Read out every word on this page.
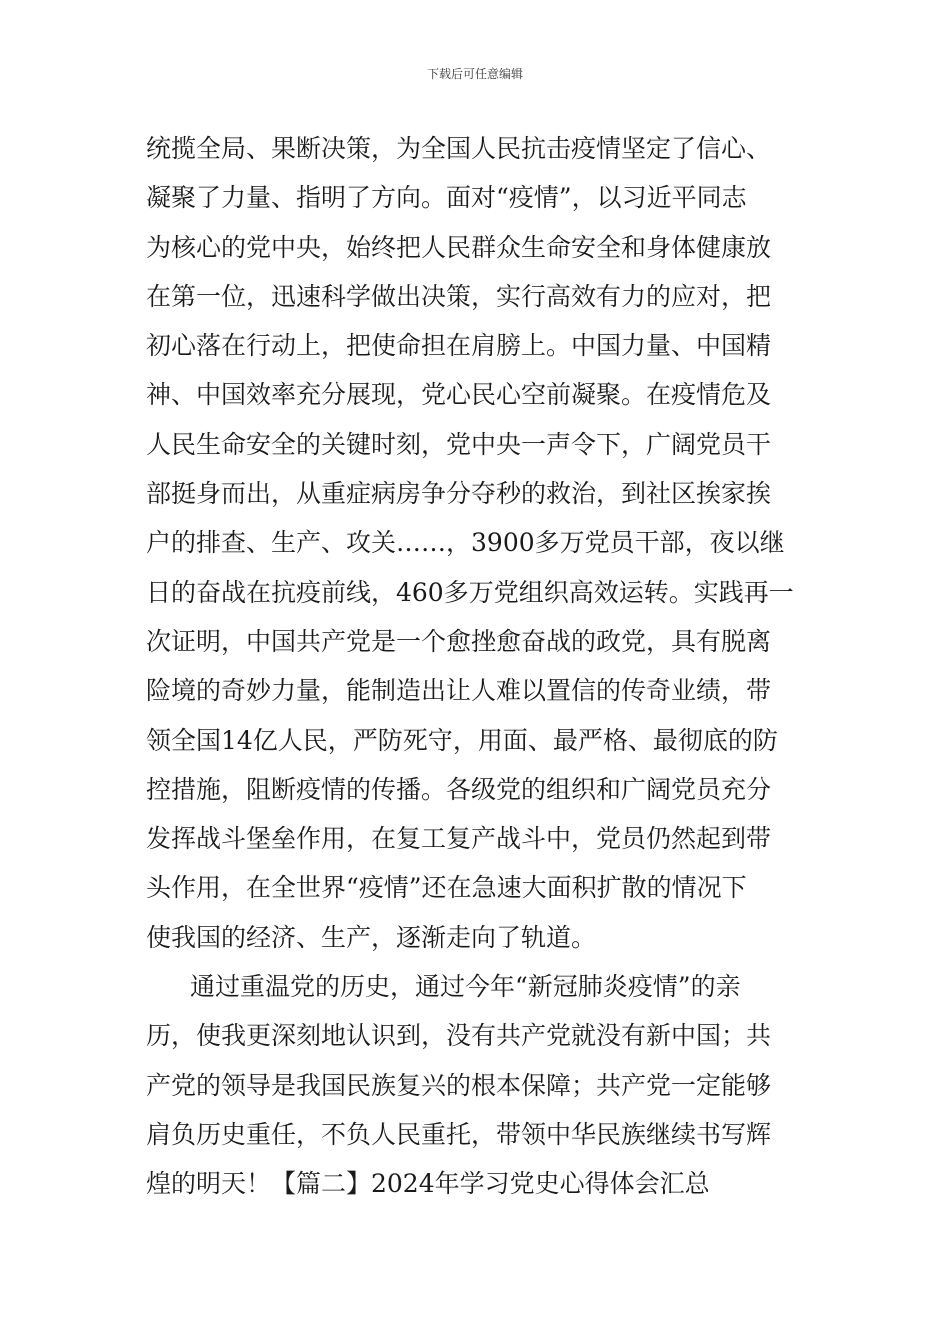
下载后可任意编辑
统揽全局、果断决策，为全国人民抗击疫情坚定了信心、
凝聚了力量、指明了方向。面对“疫情”，以习近平同志
为核心的党中央，始终把人民群众生命安全和身体健康放
在第一位，迅速科学做出决策，实行高效有力的应对，把
初心落在行动上，把使命担在肩膀上。中国力量、中国精
神、中国效率充分展现，党心民心空前凝聚。在疫情危及
人民生命安全的关键时刻，党中央一声令下，广阔党员干
部挺身而出，从重症病房争分夺秒的救治，到社区挨家挨
户的排查、生产、攻关……，3900多万党员干部，夜以继
日的奋战在抗疫前线，460多万党组织高效运转。实践再一
次证明，中国共产党是一个愈挫愈奋战的政党，具有脱离
险境的奇妙力量，能制造出让人难以置信的传奇业绩，带
领全国14亿人民，严防死守，用面、最严格、最彻底的防
控措施，阻断疫情的传播。各级党的组织和广阔党员充分
发挥战斗堡垒作用，在复工复产战斗中，党员仍然起到带
头作用，在全世界“疫情”还在急速大面积扩散的情况下
使我国的经济、生产，逐渐走向了轨道。
通过重温党的历史，通过今年“新冠肺炎疫情”的亲
历，使我更深刻地认识到，没有共产党就没有新中国；共
产党的领导是我国民族复兴的根本保障；共产党一定能够
肩负历史重任，不负人民重托，带领中华民族继续书写辉
煌的明天！【篇二】2024年学习党史心得体会汇总
